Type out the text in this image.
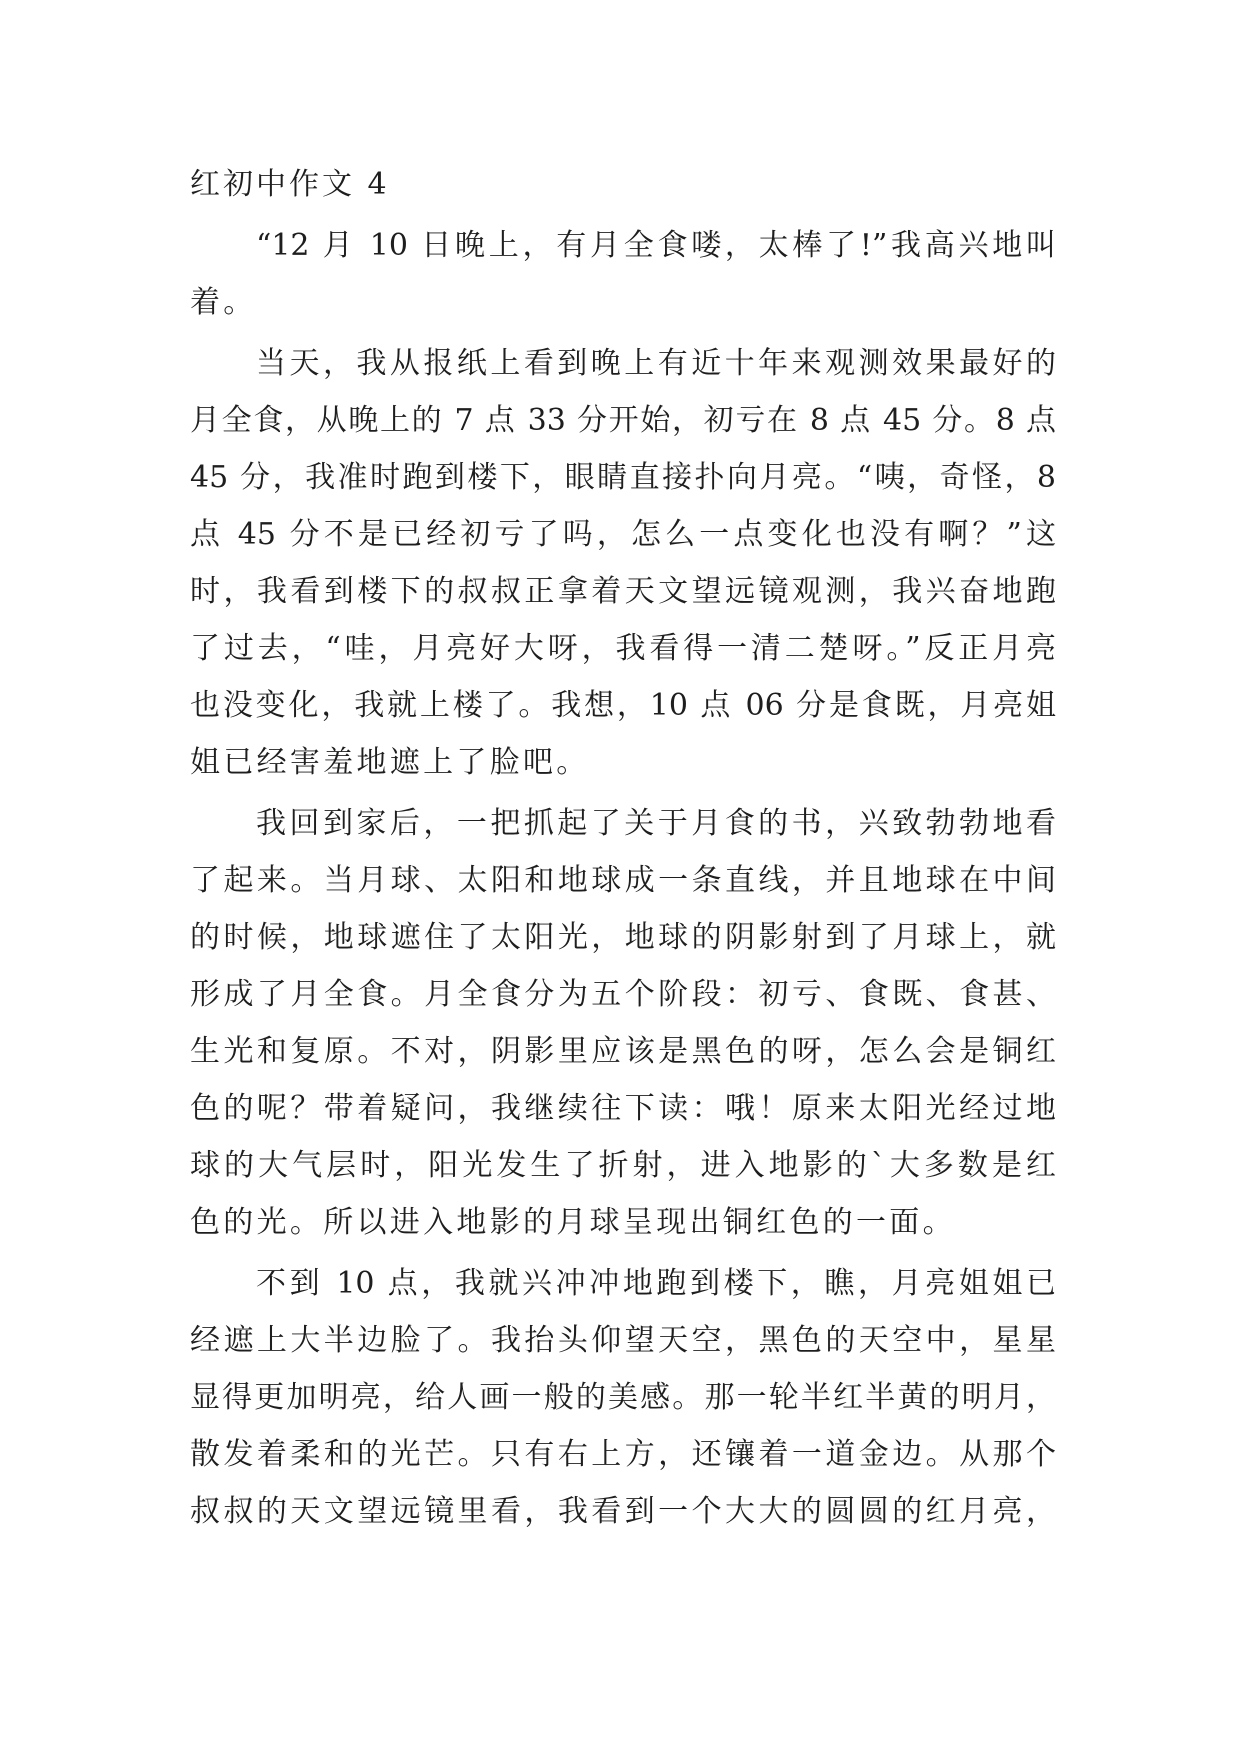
红初中作文 4
“12 月 10 日晚上，有月全食喽，太棒了!”我高兴地叫
着。
当天，我从报纸上看到晚上有近十年来观测效果最好的
月全食，从晚上的 7 点 33 分开始，初亏在 8 点 45 分。8 点
45 分，我准时跑到楼下，眼睛直接扑向月亮。“咦，奇怪，8
点 45 分不是已经初亏了吗，怎么一点变化也没有啊？”这
时，我看到楼下的叔叔正拿着天文望远镜观测，我兴奋地跑
了过去，“哇，月亮好大呀，我看得一清二楚呀。”反正月亮
也没变化，我就上楼了。我想，10 点 06 分是食既，月亮姐
姐已经害羞地遮上了脸吧。
我回到家后，一把抓起了关于月食的书，兴致勃勃地看
了起来。当月球、太阳和地球成一条直线，并且地球在中间
的时候，地球遮住了太阳光，地球的阴影射到了月球上，就
形成了月全食。月全食分为五个阶段：初亏、食既、食甚、
生光和复原。不对，阴影里应该是黑色的呀，怎么会是铜红
色的呢？带着疑问，我继续往下读：哦！原来太阳光经过地
球的大气层时，阳光发生了折射，进入地影的`大多数是红
色的光。所以进入地影的月球呈现出铜红色的一面。
不到 10 点，我就兴冲冲地跑到楼下，瞧，月亮姐姐已
经遮上大半边脸了。我抬头仰望天空，黑色的天空中，星星
显得更加明亮，给人画一般的美感。那一轮半红半黄的明月，
散发着柔和的光芒。只有右上方，还镶着一道金边。从那个
叔叔的天文望远镜里看，我看到一个大大的圆圆的红月亮，
